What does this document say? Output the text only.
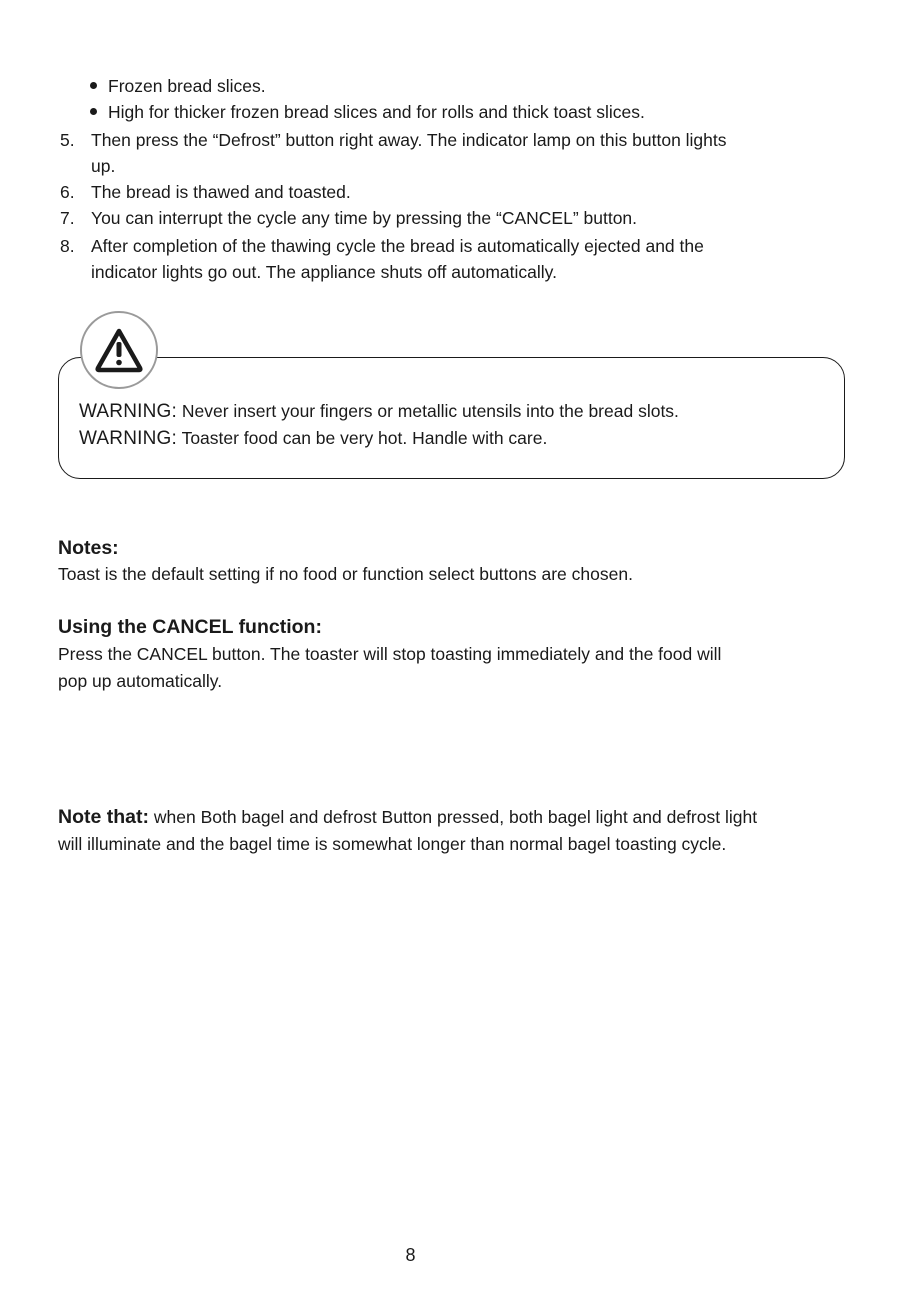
Frozen bread slices.
High for thicker frozen bread slices and for rolls and thick toast slices.
5. Then press the “Defrost” button right away. The indicator lamp on this button lights
up.
6. The bread is thawed and toasted.
7. You can interrupt the cycle any time by pressing the “CANCEL” button.
8. After completion of the thawing cycle the bread is automatically ejected and the
indicator lights go out. The appliance shuts off automatically.
WARNING: Never insert your fingers or metallic utensils into the bread slots.
WARNING: Toaster food can be very hot. Handle with care.
Notes:
Toast is the default setting if no food or function select buttons are chosen.
Using the CANCEL function:
Press the CANCEL button. The toaster will stop toasting immediately and the food will
pop up automatically.
Note that: when Both bagel and defrost Button pressed, both bagel light and defrost light
will illuminate and the bagel time is somewhat longer than normal bagel toasting cycle.
8
